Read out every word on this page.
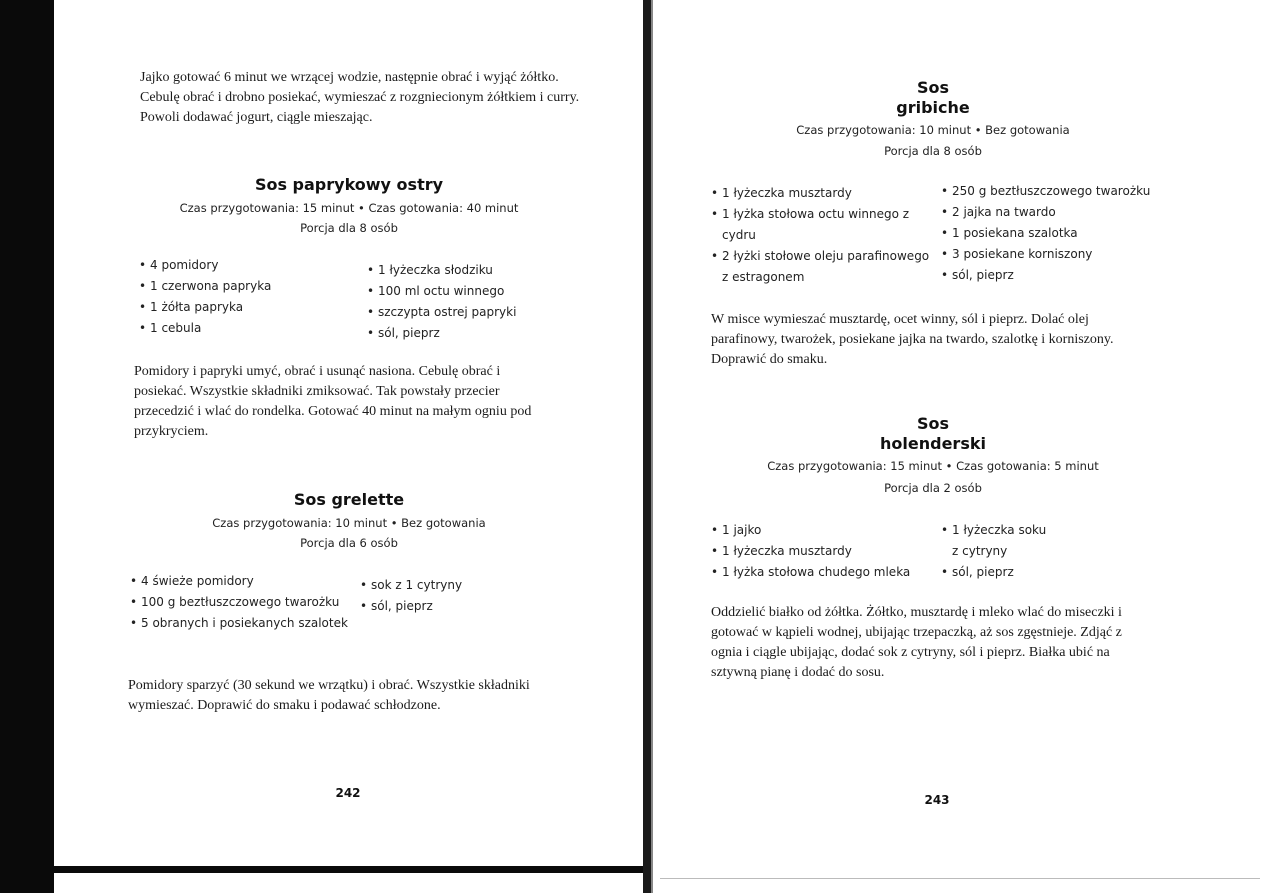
Jajko gotować 6 minut we wrzącej wodzie, następnie obrać i wyjąć żółtko. Cebulę obrać i drobno posiekać, wymieszać z rozgniecionym żółtkiem i curry. Powoli dodawać jogurt, ciągle mieszając.

Sos paprykowy ostry

Czas przygotowania: 15 minut • Czas gotowania: 40 minut

Porcja dla 8 osób

• 4 pomidory
• 1 czerwona papryka
• 1 żółta papryka
• 1 cebula
• 1 łyżeczka słodziku
• 100 ml octu winnego
• szczypta ostrej papryki
• sól, pieprz

Pomidory i papryki umyć, obrać i usunąć nasiona. Cebulę obrać i posiekać. Wszystkie składniki zmiksować. Tak powstały przecier przecedzić i wlać do rondelka. Gotować 40 minut na małym ogniu pod przykryciem.

Sos grelette

Czas przygotowania: 10 minut • Bez gotowania

Porcja dla 6 osób

• 4 świeże pomidory
• 100 g beztłuszczowego twarożku
• 5 obranych i posiekanych szalotek
• sok z 1 cytryny
• sól, pieprz

Pomidory sparzyć (30 sekund we wrzątku) i obrać. Wszystkie składniki wymieszać. Doprawić do smaku i podawać schłodzone.

242

Sos
gribiche

Czas przygotowania: 10 minut • Bez gotowania

Porcja dla 8 osób

• 1 łyżeczka musztardy
• 1 łyżka stołowa octu winnego z cydru
• 2 łyżki stołowe oleju parafinowego z estragonem
• 250 g beztłuszczowego twarożku
• 2 jajka na twardo
• 1 posiekana szalotka
• 3 posiekane korniszony
• sól, pieprz

W misce wymieszać musztardę, ocet winny, sól i pieprz. Dolać olej parafinowy, twarożek, posiekane jajka na twardo, szalotkę i korniszony. Doprawić do smaku.

Sos
holenderski

Czas przygotowania: 15 minut • Czas gotowania: 5 minut

Porcja dla 2 osób

• 1 jajko
• 1 łyżeczka musztardy
• 1 łyżka stołowa chudego mleka
• 1 łyżeczka soku z cytryny
• sól, pieprz

Oddzielić białko od żółtka. Żółtko, musztardę i mleko wlać do miseczki i gotować w kąpieli wodnej, ubijając trzepaczką, aż sos zgęstnieje. Zdjąć z ognia i ciągle ubijając, dodać sok z cytryny, sól i pieprz. Białka ubić na sztywną pianę i dodać do sosu.

243
